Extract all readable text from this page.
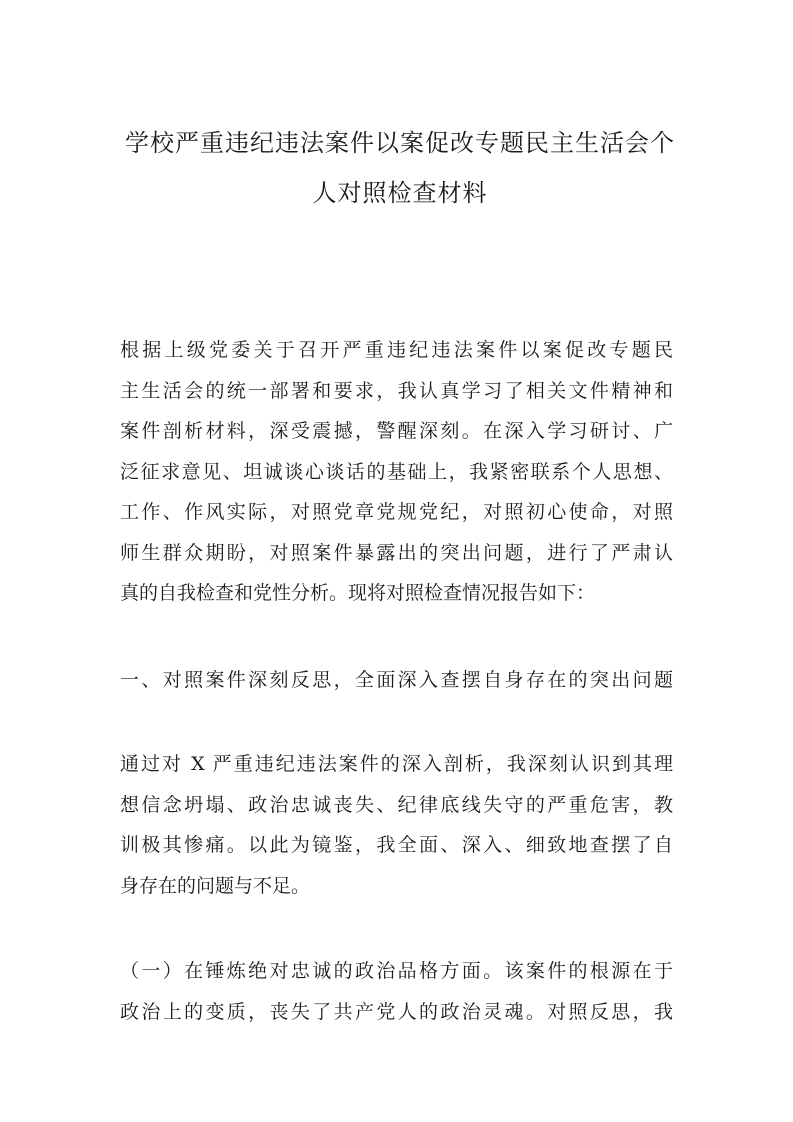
学校严重违纪违法案件以案促改专题民主生活会个
人对照检查材料
根据上级党委关于召开严重违纪违法案件以案促改专题民
主生活会的统一部署和要求，我认真学习了相关文件精神和
案件剖析材料，深受震撼，警醒深刻。在深入学习研讨、广
泛征求意见、坦诚谈心谈话的基础上，我紧密联系个人思想、
工作、作风实际，对照党章党规党纪，对照初心使命，对照
师生群众期盼，对照案件暴露出的突出问题，进行了严肃认
真的自我检查和党性分析。现将对照检查情况报告如下：
一、对照案件深刻反思，全面深入查摆自身存在的突出问题
通过对 X 严重违纪违法案件的深入剖析，我深刻认识到其理
想信念坍塌、政治忠诚丧失、纪律底线失守的严重危害，教
训极其惨痛。以此为镜鉴，我全面、深入、细致地查摆了自
身存在的问题与不足。
（一）在锤炼绝对忠诚的政治品格方面。该案件的根源在于
政治上的变质，丧失了共产党人的政治灵魂。对照反思，我
